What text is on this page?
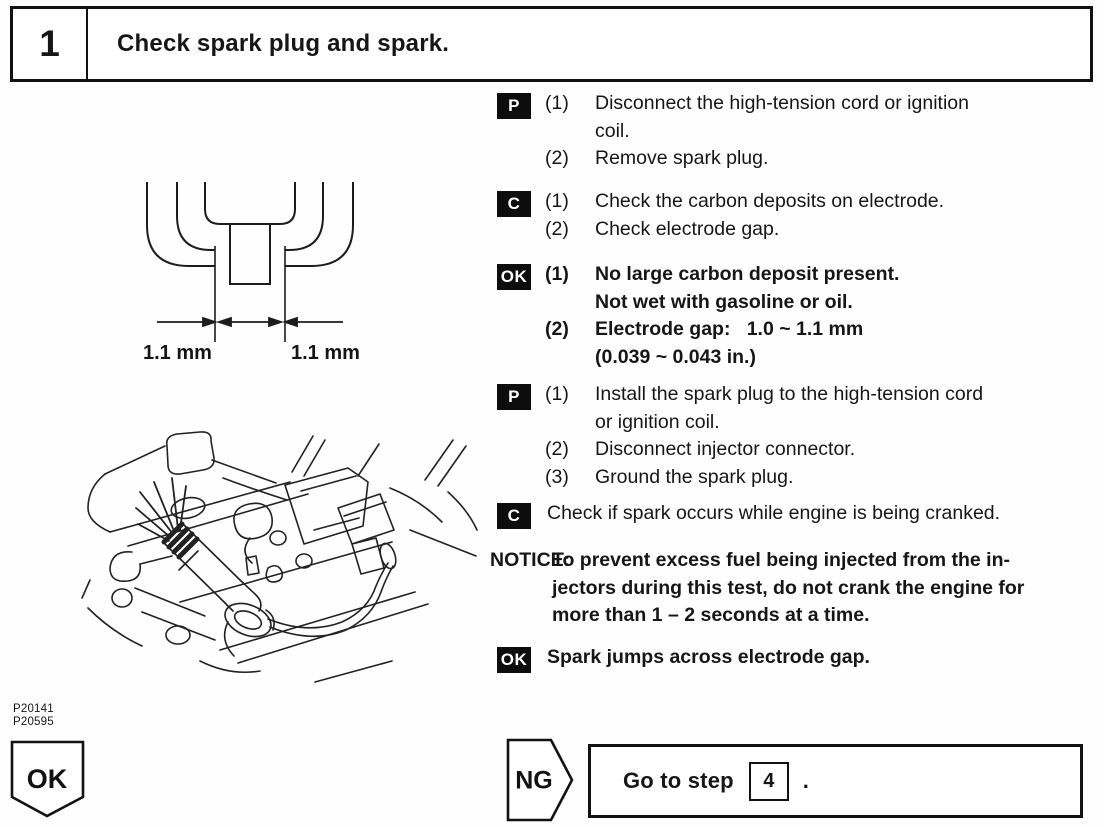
1	Check spark plug and spark.
1.1 mm	1.1 mm
P20141
P20595
P	(1)	Disconnect the high-tension cord or ignition
coil.
(2)	Remove spark plug.
C	(1)	Check the carbon deposits on electrode.
(2)	Check electrode gap.
OK (1)	No large carbon deposit present.
Not wet with gasoline or oil.
(2)	Electrode gap:   1.0 ~ 1.1 mm
(0.039 ~ 0.043 in.)
P	(1)	Install the spark plug to the high-tension cord
or ignition coil.
(2)	Disconnect injector connector.
(3)	Ground the spark plug.
C	Check if spark occurs while engine is being cranked.
NOTICE:
To prevent excess fuel being injected from the in-
jectors during this test, do not crank the engine for
more than 1 – 2 seconds at a time.
OK Spark jumps across electrode gap.
OK	NG	Go to step	4	.
